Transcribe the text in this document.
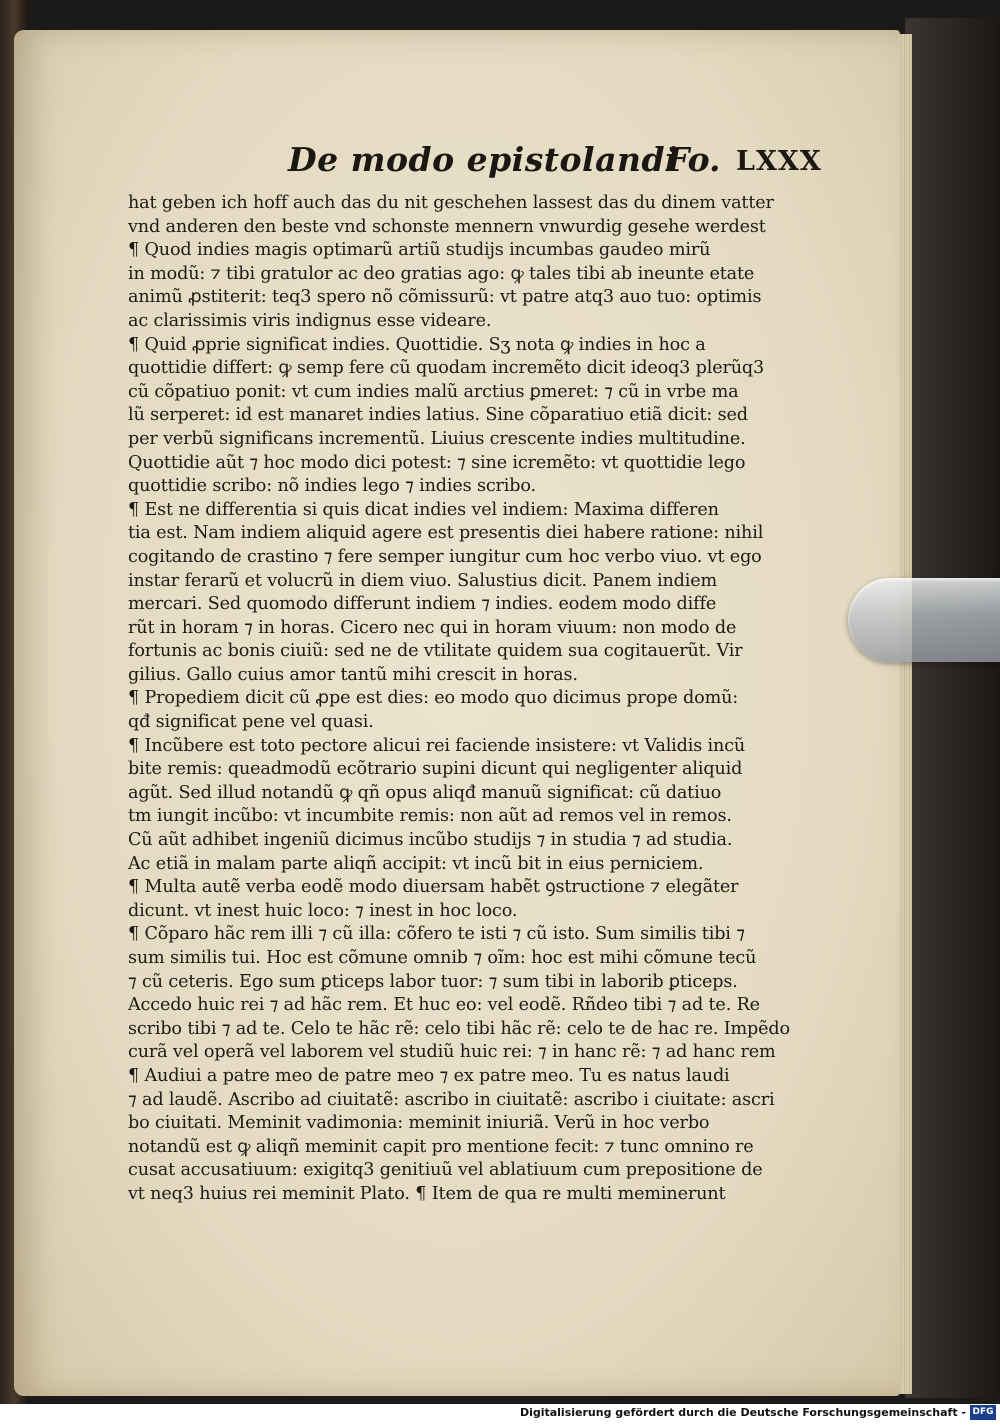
De modo epistolandi
Fo. LXXX
hat geben ich hoff auch das du nit geschehen lassest das du dinem vatter
vnd anderen den beste vnd schonste mennern vnwurdig gesehe werdest
¶ Quod indies magis optimarũ artiũ studijs incumbas gaudeo mirũ
in modũ: ⁊ tibi gratulor ac deo gratias ago: ꝙ tales tibi ab ineunte etate
animũ ꝓstiterit: teq3 spero nõ cõmissurũ: vt patre atq3 auo tuo: optimis
ac clarissimis viris indignus esse videare.
¶ Quid ꝓprie significat indies. Quottidie. Sʒ nota ꝙ indies in hoc a
quottidie differt: ꝙ semp fere cũ quodam incremẽto dicit ideoq3 plerũq3
cũ cõpatiuo ponit: vt cum indies malũ arctius ꝑmeret: ⁊ cũ in vrbe ma
lũ serperet: id est manaret indies latius. Sine cõparatiuo etiã dicit: sed
per verbũ significans incrementũ. Liuius crescente indies multitudine.
Quottidie aũt ⁊ hoc modo dici potest: ⁊ sine icremẽto: vt quottidie lego
quottidie scribo: nõ indies lego ⁊ indies scribo.
¶ Est ne differentia si quis dicat indies vel indiem: Maxima differen
tia est. Nam indiem aliquid agere est presentis diei habere ratione: nihil
cogitando de crastino ⁊ fere semper iungitur cum hoc verbo viuo. vt ego
instar ferarũ et volucrũ in diem viuo. Salustius dicit. Panem indiem
mercari. Sed quomodo differunt indiem ⁊ indies. eodem modo diffe
rũt in horam ⁊ in horas. Cicero nec qui in horam viuum: non modo de
fortunis ac bonis ciuiũ: sed ne de vtilitate quidem sua cogitauerũt. Vir
gilius. Gallo cuius amor tantũ mihi crescit in horas.
¶ Propediem dicit cũ ꝓpe est dies: eo modo quo dicimus prope domũ:
qđ significat pene vel quasi.
¶ Incũbere est toto pectore alicui rei faciende insistere: vt Validis incũ
bite remis: queadmodũ ecõtrario supini dicunt qui negligenter aliquid
agũt. Sed illud notandũ ꝙ qñ opus aliqđ manuũ significat: cũ datiuo
tm iungit incũbo: vt incumbite remis: non aũt ad remos vel in remos.
Cũ aũt adhibet ingeniũ dicimus incũbo studijs ⁊ in studia ⁊ ad studia.
Ac etiã in malam parte aliqñ accipit: vt incũ bit in eius perniciem.
¶ Multa autẽ verba eodẽ modo diuersam habẽt ꝯstructione ⁊ elegãter
dicunt. vt inest huic loco: ⁊ inest in hoc loco.
¶ Cõparo hãc rem illi ⁊ cũ illa: cõfero te isti ⁊ cũ isto. Sum similis tibi ⁊
sum similis tui. Hoc est cõmune omnib ⁊ oĩm: hoc est mihi cõmune tecũ
⁊ cũ ceteris. Ego sum ꝑticeps labor tuor: ⁊ sum tibi in laborib ꝑticeps.
Accedo huic rei ⁊ ad hãc rem. Et huc eo: vel eodẽ. Rñdeo tibi ⁊ ad te. Re
scribo tibi ⁊ ad te. Celo te hãc rẽ: celo tibi hãc rẽ: celo te de hac re. Impẽdo
curã vel operã vel laborem vel studiũ huic rei: ⁊ in hanc rẽ: ⁊ ad hanc rem
¶ Audiui a patre meo de patre meo ⁊ ex patre meo. Tu es natus laudi
⁊ ad laudẽ. Ascribo ad ciuitatẽ: ascribo in ciuitatẽ: ascribo i ciuitate: ascri
bo ciuitati. Meminit vadimonia: meminit iniuriã. Verũ in hoc verbo
notandũ est ꝙ aliqñ meminit capit pro mentione fecit: ⁊ tunc omnino re
cusat accusatiuum: exigitq3 genitiuũ vel ablatiuum cum prepositione de
vt neq3 huius rei meminit Plato. ¶ Item de qua re multi meminerunt
Digitalisierung gefördert durch die Deutsche Forschungsgemeinschaft - DFG
